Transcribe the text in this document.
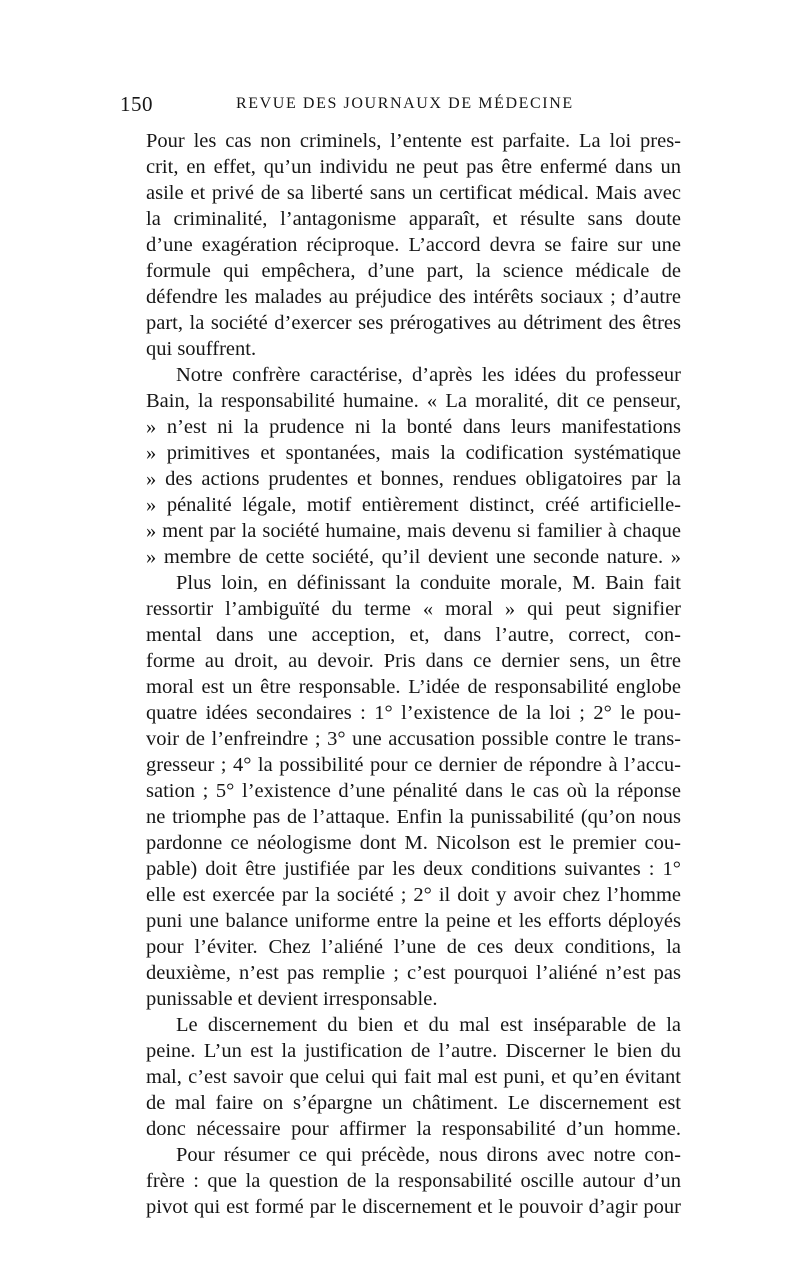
150	REVUE DES JOURNAUX DE MÉDECINE
Pour les cas non criminels, l’entente est parfaite. La loi pres-
crit, en effet, qu’un individu ne peut pas être enfermé dans un
asile et privé de sa liberté sans un certificat médical. Mais avec
la criminalité, l’antagonisme apparaît, et résulte sans doute
d’une exagération réciproque. L’accord devra se faire sur une
formule qui empêchera, d’une part, la science médicale de
défendre les malades au préjudice des intérêts sociaux ; d’autre
part, la société d’exercer ses prérogatives au détriment des êtres
qui souffrent.
Notre confrère caractérise, d’après les idées du professeur
Bain, la responsabilité humaine. « La moralité, dit ce penseur,
» n’est ni la prudence ni la bonté dans leurs manifestations
» primitives et spontanées, mais la codification systématique
» des actions prudentes et bonnes, rendues obligatoires par la
» pénalité légale, motif entièrement distinct, créé artificielle-
» ment par la société humaine, mais devenu si familier à chaque
» membre de cette société, qu’il devient une seconde nature. »
Plus loin, en définissant la conduite morale, M. Bain fait
ressortir l’ambiguïté du terme « moral » qui peut signifier
mental dans une acception, et, dans l’autre, correct, con-
forme au droit, au devoir. Pris dans ce dernier sens, un être
moral est un être responsable. L’idée de responsabilité englobe
quatre idées secondaires : 1° l’existence de la loi ; 2° le pou-
voir de l’enfreindre ; 3° une accusation possible contre le trans-
gresseur ; 4° la possibilité pour ce dernier de répondre à l’accu-
sation ; 5° l’existence d’une pénalité dans le cas où la réponse
ne triomphe pas de l’attaque. Enfin la punissabilité (qu’on nous
pardonne ce néologisme dont M. Nicolson est le premier cou-
pable) doit être justifiée par les deux conditions suivantes : 1°
elle est exercée par la société ; 2° il doit y avoir chez l’homme
puni une balance uniforme entre la peine et les efforts déployés
pour l’éviter. Chez l’aliéné l’une de ces deux conditions, la
deuxième, n’est pas remplie ; c’est pourquoi l’aliéné n’est pas
punissable et devient irresponsable.
Le discernement du bien et du mal est inséparable de la
peine. L’un est la justification de l’autre. Discerner le bien du
mal, c’est savoir que celui qui fait mal est puni, et qu’en évitant
de mal faire on s’épargne un châtiment. Le discernement est
donc nécessaire pour affirmer la responsabilité d’un homme.
Pour résumer ce qui précède, nous dirons avec notre con-
frère : que la question de la responsabilité oscille autour d’un
pivot qui est formé par le discernement et le pouvoir d’agir pour
